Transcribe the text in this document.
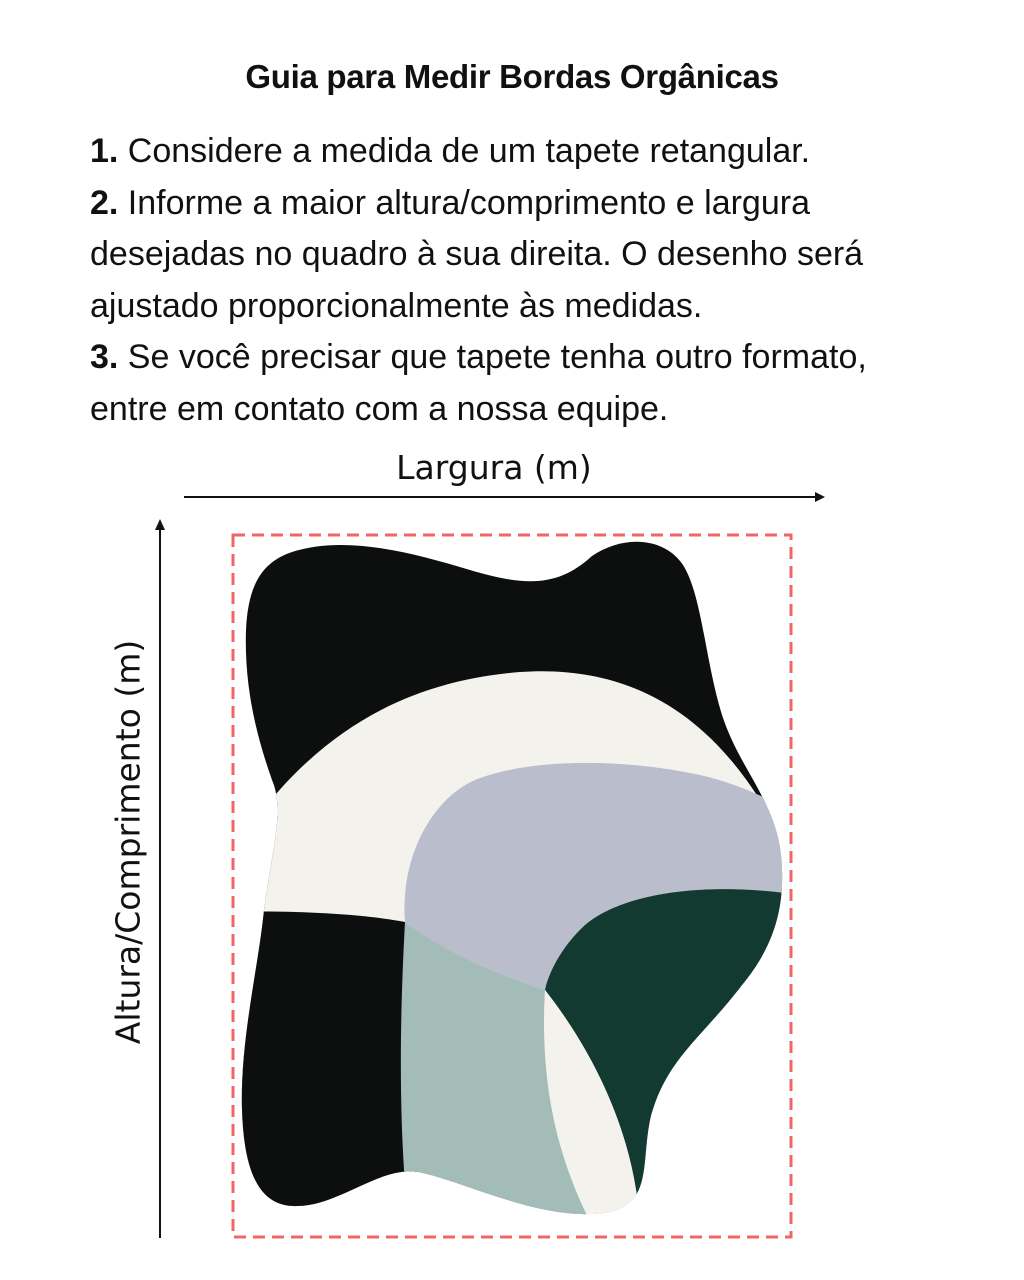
Guia para Medir Bordas Orgânicas

1. Considere a medida de um tapete retangular.

2. Informe a maior altura/comprimento e largura desejadas no quadro à sua direita. O desenho será ajustado proporcionalmente às medidas.

3. Se você precisar que tapete tenha outro formato, entre em contato com a nossa equipe.

Largura (m)
Altura/Comprimento (m)
